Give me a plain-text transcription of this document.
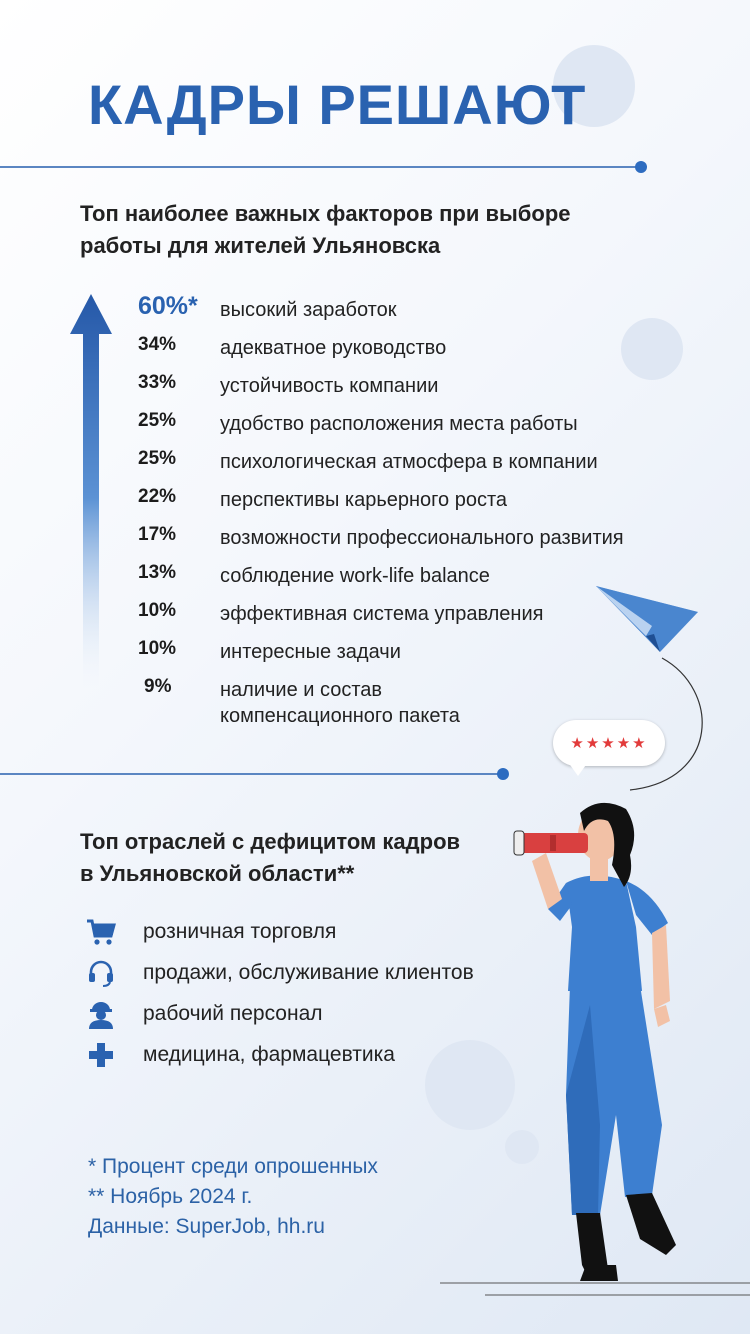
КАДРЫ РЕШАЮТ
Топ наиболее важных факторов при выборе
работы для жителей Ульяновска
60%* высокий заработок
34% адекватное руководство
33% устойчивость компании
25% удобство расположения места работы
25% психологическая атмосфера в компании
22% перспективы карьерного роста
17% возможности профессионального развития
13% соблюдение work-life balance
10% эффективная система управления
10% интересные задачи
9% наличие и состав
компенсационного пакета
★★★★★
Топ отраслей с дефицитом кадров
в Ульяновской области**
розничная торговля
продажи, обслуживание клиентов
рабочий персонал
медицина, фармацевтика
* Процент среди опрошенных
** Ноябрь 2024 г.
Данные: SuperJob, hh.ru
